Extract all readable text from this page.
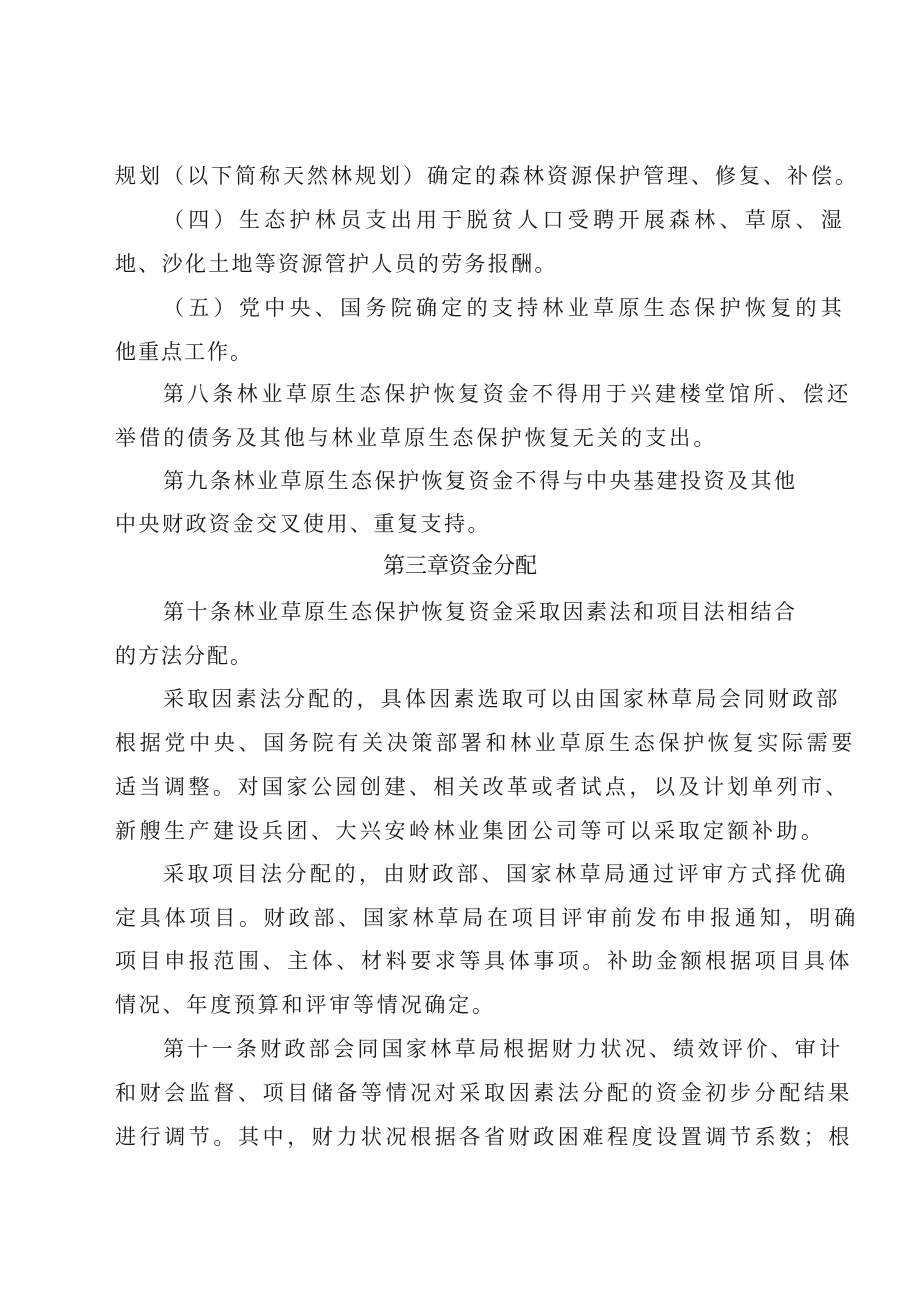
规划（以下简称天然林规划）确定的森林资源保护管理、修复、补偿。
（四）生态护林员支出用于脱贫人口受聘开展森林、草原、湿
地、沙化土地等资源管护人员的劳务报酬。
（五）党中央、国务院确定的支持林业草原生态保护恢复的其
他重点工作。
第八条林业草原生态保护恢复资金不得用于兴建楼堂馆所、偿还
举借的债务及其他与林业草原生态保护恢复无关的支出。
第九条林业草原生态保护恢复资金不得与中央基建投资及其他
中央财政资金交叉使用、重复支持。
第三章资金分配
第十条林业草原生态保护恢复资金采取因素法和项目法相结合
的方法分配。
采取因素法分配的，具体因素选取可以由国家林草局会同财政部
根据党中央、国务院有关决策部署和林业草原生态保护恢复实际需要
适当调整。对国家公园创建、相关改革或者试点，以及计划单列市、
新艘生产建设兵团、大兴安岭林业集团公司等可以采取定额补助。
采取项目法分配的，由财政部、国家林草局通过评审方式择优确
定具体项目。财政部、国家林草局在项目评审前发布申报通知，明确
项目申报范围、主体、材料要求等具体事项。补助金额根据项目具体
情况、年度预算和评审等情况确定。
第十一条财政部会同国家林草局根据财力状况、绩效评价、审计
和财会监督、项目储备等情况对采取因素法分配的资金初步分配结果
进行调节。其中，财力状况根据各省财政困难程度设置调节系数；根
